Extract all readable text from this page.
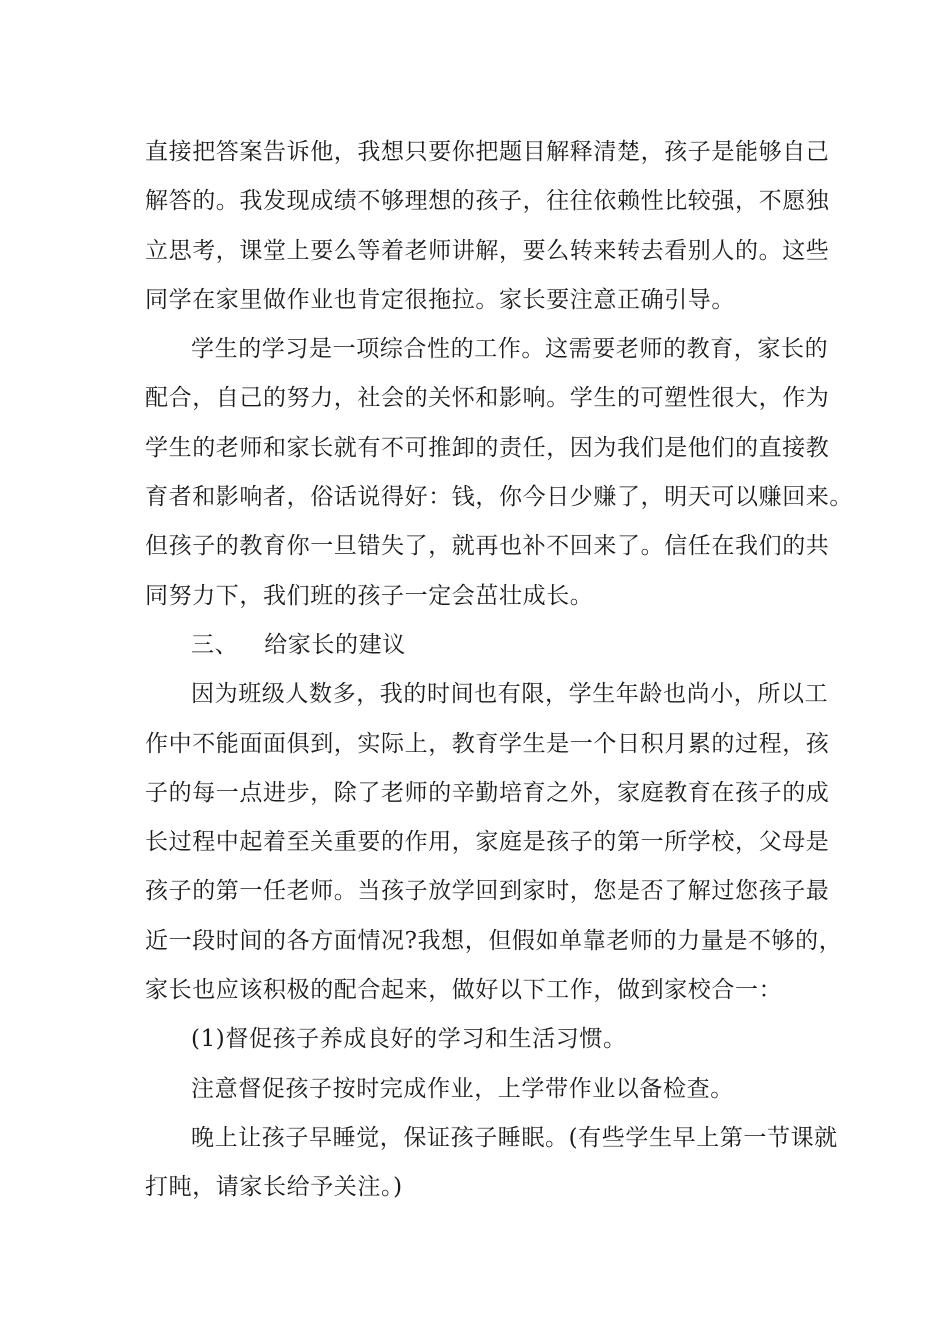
直接把答案告诉他，我想只要你把题目解释清楚，孩子是能够自己
解答的。我发现成绩不够理想的孩子，往往依赖性比较强，不愿独
立思考，课堂上要么等着老师讲解，要么转来转去看别人的。这些
同学在家里做作业也肯定很拖拉。家长要注意正确引导。

学生的学习是一项综合性的工作。这需要老师的教育，家长的
配合，自己的努力，社会的关怀和影响。学生的可塑性很大，作为
学生的老师和家长就有不可推卸的责任，因为我们是他们的直接教
育者和影响者，俗话说得好：钱，你今日少赚了，明天可以赚回来。
但孩子的教育你一旦错失了，就再也补不回来了。信任在我们的共
同努力下，我们班的孩子一定会茁壮成长。

三、 给家长的建议

因为班级人数多，我的时间也有限，学生年龄也尚小，所以工
作中不能面面俱到，实际上，教育学生是一个日积月累的过程，孩
子的每一点进步，除了老师的辛勤培育之外，家庭教育在孩子的成
长过程中起着至关重要的作用，家庭是孩子的第一所学校，父母是
孩子的第一任老师。当孩子放学回到家时，您是否了解过您孩子最
近一段时间的各方面情况?我想，但假如单靠老师的力量是不够的，
家长也应该积极的配合起来，做好以下工作，做到家校合一：

(1)督促孩子养成良好的学习和生活习惯。

注意督促孩子按时完成作业，上学带作业以备检查。

晚上让孩子早睡觉，保证孩子睡眠。(有些学生早上第一节课就
打盹，请家长给予关注。)
